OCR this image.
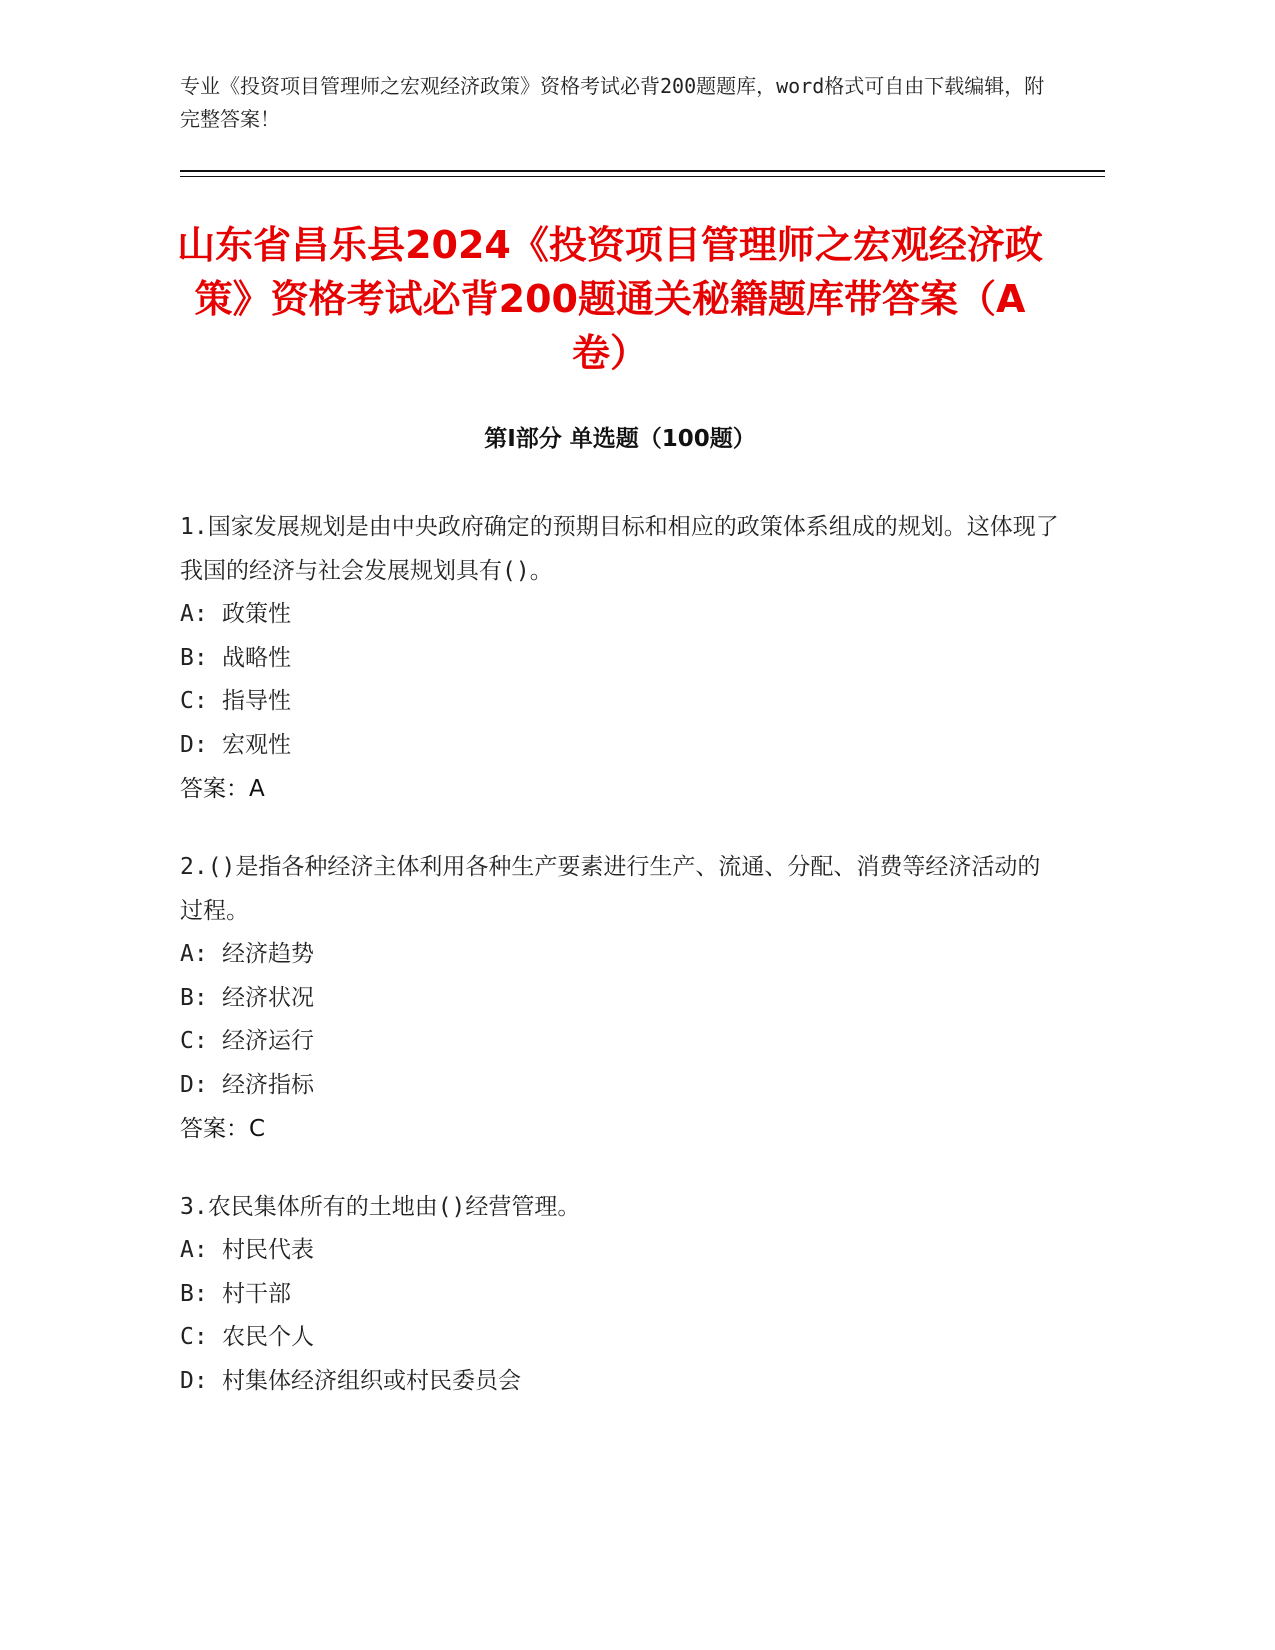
专业《投资项目管理师之宏观经济政策》资格考试必背200题题库，word格式可自由下载编辑，附完整答案！
山东省昌乐县2024《投资项目管理师之宏观经济政策》资格考试必背200题通关秘籍题库带答案（A卷）
第Ⅰ部分 单选题（100题）

1.国家发展规划是由中央政府确定的预期目标和相应的政策体系组成的规划。这体现了我国的经济与社会发展规划具有()。

A: 政策性

B: 战略性

C: 指导性

D: 宏观性

答案：A

2.()是指各种经济主体利用各种生产要素进行生产、流通、分配、消费等经济活动的过程。

A: 经济趋势

B: 经济状况

C: 经济运行

D: 经济指标

答案：C

3.农民集体所有的土地由()经营管理。

A: 村民代表

B: 村干部

C: 农民个人

D: 村集体经济组织或村民委员会
